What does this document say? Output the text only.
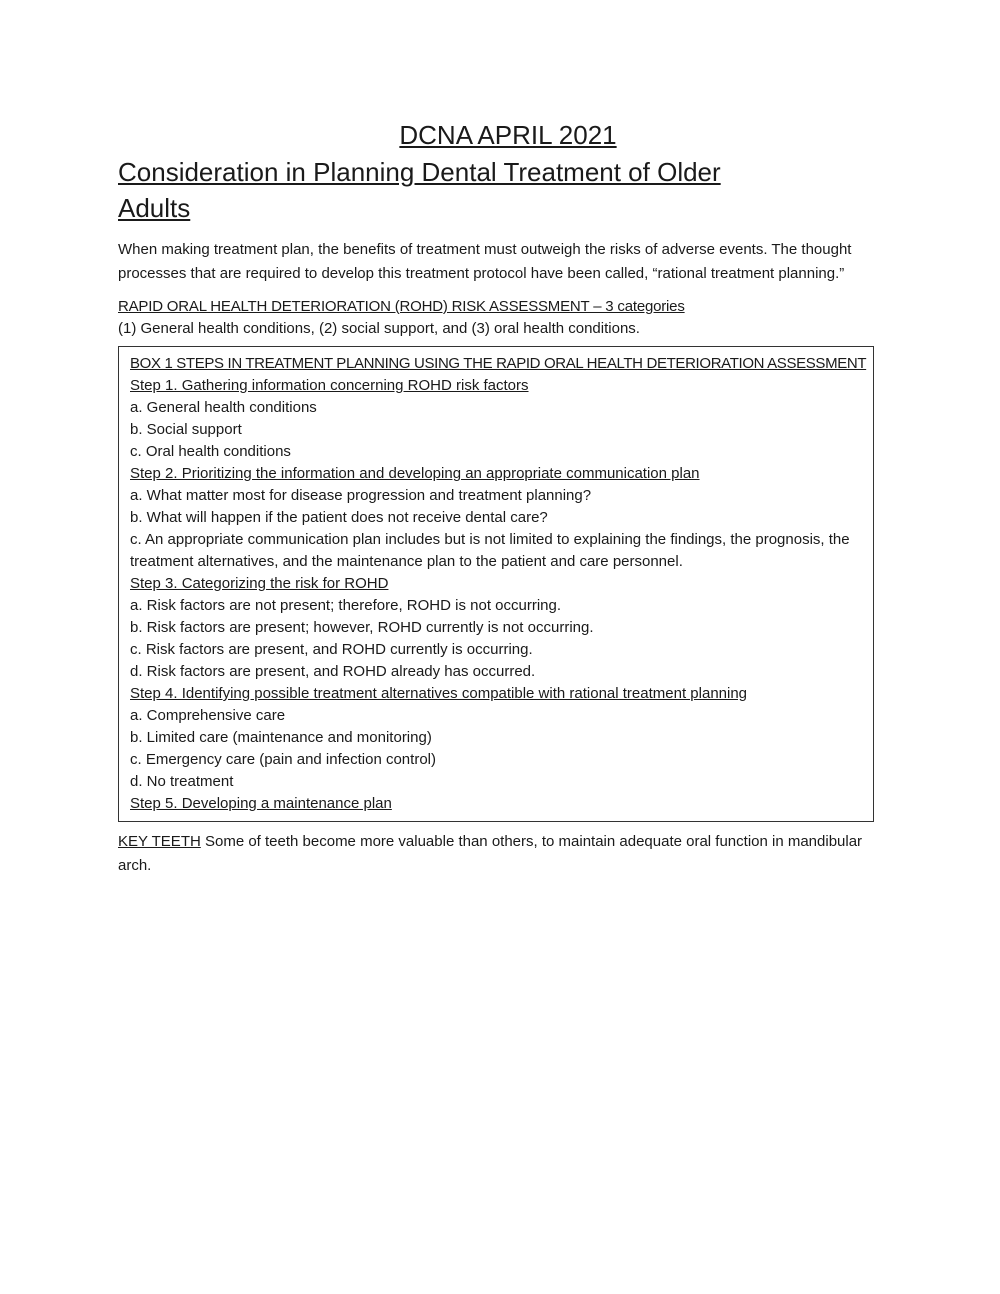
DCNA APRIL 2021
Consideration in Planning Dental Treatment of Older Adults

When making treatment plan, the benefits of treatment must outweigh the risks of adverse events. The thought processes that are required to develop this treatment protocol have been called, “rational treatment planning.”

RAPID ORAL HEALTH DETERIORATION (ROHD) RISK ASSESSMENT – 3 categories

(1) General health conditions, (2) social support, and (3) oral health conditions.

BOX 1 STEPS IN TREATMENT PLANNING USING THE RAPID ORAL HEALTH DETERIORATION ASSESSMENT

Step 1. Gathering information concerning ROHD risk factors

a. General health conditions

b. Social support

c. Oral health conditions

Step 2. Prioritizing the information and developing an appropriate communication plan

a. What matter most for disease progression and treatment planning?

b. What will happen if the patient does not receive dental care?

c. An appropriate communication plan includes but is not limited to explaining the findings, the prognosis, the treatment alternatives, and the maintenance plan to the patient and care personnel.

Step 3. Categorizing the risk for ROHD

a. Risk factors are not present; therefore, ROHD is not occurring.

b. Risk factors are present; however, ROHD currently is not occurring.

c. Risk factors are present, and ROHD currently is occurring.

d. Risk factors are present, and ROHD already has occurred.

Step 4. Identifying possible treatment alternatives compatible with rational treatment planning

a. Comprehensive care

b. Limited care (maintenance and monitoring)

c. Emergency care (pain and infection control)

d. No treatment

Step 5. Developing a maintenance plan

KEY TEETH Some of teeth become more valuable than others, to maintain adequate oral function in mandibular arch.
